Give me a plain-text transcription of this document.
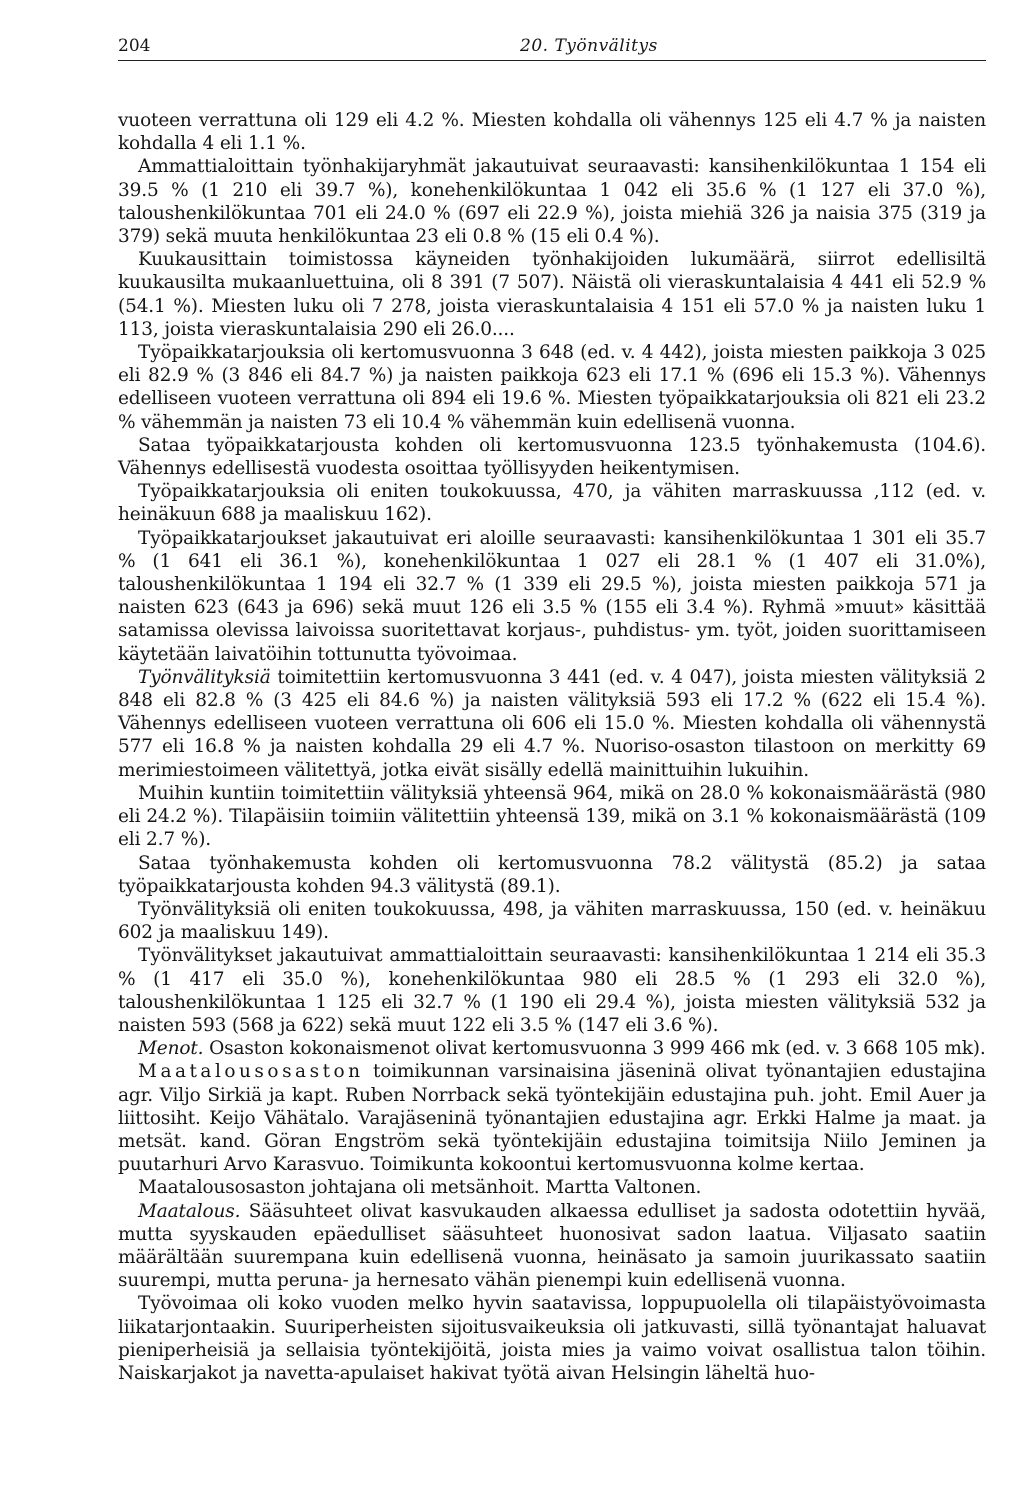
204	20. Työnvälitys

vuoteen verrattuna oli 129 eli 4.2 %. Miesten kohdalla oli vähennys 125 eli 4.7 % ja naisten kohdalla 4 eli 1.1 %.

Ammattialoittain työnhakijaryhmät jakautuivat seuraavasti: kansihenkilökuntaa 1 154 eli 39.5 % (1 210 eli 39.7 %), konehenkilökuntaa 1 042 eli 35.6 % (1 127 eli 37.0 %), taloushenkilökuntaa 701 eli 24.0 % (697 eli 22.9 %), joista miehiä 326 ja naisia 375 (319 ja 379) sekä muuta henkilökuntaa 23 eli 0.8 % (15 eli 0.4 %).

Kuukausittain toimistossa käyneiden työnhakijoiden lukumäärä, siirrot edellisiltä kuukausilta mukaanluettuina, oli 8 391 (7 507). Näistä oli vieraskuntalaisia 4 441 eli 52.9 % (54.1 %). Miesten luku oli 7 278, joista vieraskuntalaisia 4 151 eli 57.0 % ja naisten luku 1 113, joista vieraskuntalaisia 290 eli 26.0....

Työpaikkatarjouksia oli kertomusvuonna 3 648 (ed. v. 4 442), joista miesten paikkoja 3 025 eli 82.9 % (3 846 eli 84.7 %) ja naisten paikkoja 623 eli 17.1 % (696 eli 15.3 %). Vähennys edelliseen vuoteen verrattuna oli 894 eli 19.6 %. Miesten työpaikkatarjouksia oli 821 eli 23.2 % vähemmän ja naisten 73 eli 10.4 % vähemmän kuin edellisenä vuonna.

Sataa työpaikkatarjousta kohden oli kertomusvuonna 123.5 työnhakemusta (104.6). Vähennys edellisestä vuodesta osoittaa työllisyyden heikentymisen.

Työpaikkatarjouksia oli eniten toukokuussa, 470, ja vähiten marraskuussa ,112 (ed. v. heinäkuun 688 ja maaliskuu 162).

Työpaikkatarjoukset jakautuivat eri aloille seuraavasti: kansihenkilökuntaa 1 301 eli 35.7 % (1 641 eli 36.1 %), konehenkilökuntaa 1 027 eli 28.1 % (1 407 eli 31.0%), taloushenkilökuntaa 1 194 eli 32.7 % (1 339 eli 29.5 %), joista miesten paikkoja 571 ja naisten 623 (643 ja 696) sekä muut 126 eli 3.5 % (155 eli 3.4 %). Ryhmä »muut» käsittää satamissa olevissa laivoissa suoritettavat korjaus-, puhdistus- ym. työt, joiden suorittamiseen käytetään laivatöihin tottunutta työvoimaa.

Työnvälityksiä toimitettiin kertomusvuonna 3 441 (ed. v. 4 047), joista miesten välityksiä 2 848 eli 82.8 % (3 425 eli 84.6 %) ja naisten välityksiä 593 eli 17.2 % (622 eli 15.4 %). Vähennys edelliseen vuoteen verrattuna oli 606 eli 15.0 %. Miesten kohdalla oli vähennystä 577 eli 16.8 % ja naisten kohdalla 29 eli 4.7 %. Nuoriso-osaston tilastoon on merkitty 69 merimiestoimeen välitettyä, jotka eivät sisälly edellä mainittuihin lukuihin.

Muihin kuntiin toimitettiin välityksiä yhteensä 964, mikä on 28.0 % kokonaismäärästä (980 eli 24.2 %). Tilapäisiin toimiin välitettiin yhteensä 139, mikä on 3.1 % kokonaismäärästä (109 eli 2.7 %).

Sataa työnhakemusta kohden oli kertomusvuonna 78.2 välitystä (85.2) ja sataa työpaikkatarjousta kohden 94.3 välitystä (89.1).

Työnvälityksiä oli eniten toukokuussa, 498, ja vähiten marraskuussa, 150 (ed. v. heinäkuu 602 ja maaliskuu 149).

Työnvälitykset jakautuivat ammattialoittain seuraavasti: kansihenkilökuntaa 1 214 eli 35.3 % (1 417 eli 35.0 %), konehenkilökuntaa 980 eli 28.5 % (1 293 eli 32.0 %), taloushenkilökuntaa 1 125 eli 32.7 % (1 190 eli 29.4 %), joista miesten välityksiä 532 ja naisten 593 (568 ja 622) sekä muut 122 eli 3.5 % (147 eli 3.6 %).

Menot. Osaston kokonaismenot olivat kertomusvuonna 3 999 466 mk (ed. v. 3 668 105 mk).

Maatalousosaston toimikunnan varsinaisina jäseninä olivat työnantajien edustajina agr. Viljo Sirkiä ja kapt. Ruben Norrback sekä työntekijäin edustajina puh. joht. Emil Auer ja liittosiht. Keijo Vähätalo. Varajäseninä työnantajien edustajina agr. Erkki Halme ja maat. ja metsät. kand. Göran Engström sekä työntekijäin edustajina toimitsija Niilo Jeminen ja puutarhuri Arvo Karasvuo. Toimikunta kokoontui kertomusvuonna kolme kertaa.

Maatalousosaston johtajana oli metsänhoit. Martta Valtonen.

Maatalous. Sääsuhteet olivat kasvukauden alkaessa edulliset ja sadosta odotettiin hyvää, mutta syyskauden epäedulliset sääsuhteet huonosivat sadon laatua. Viljasato saatiin määrältään suurempana kuin edellisenä vuonna, heinäsato ja samoin juurikassato saatiin suurempi, mutta peruna- ja hernesato vähän pienempi kuin edellisenä vuonna.

Työvoimaa oli koko vuoden melko hyvin saatavissa, loppupuolella oli tilapäistyövoimasta liikatarjontaakin. Suuriperheisten sijoitusvaikeuksia oli jatkuvasti, sillä työnantajat haluavat pieniperheisiä ja sellaisia työntekijöitä, joista mies ja vaimo voivat osallistua talon töihin. Naiskarjakot ja navetta-apulaiset hakivat työtä aivan Helsingin läheltä huo-
